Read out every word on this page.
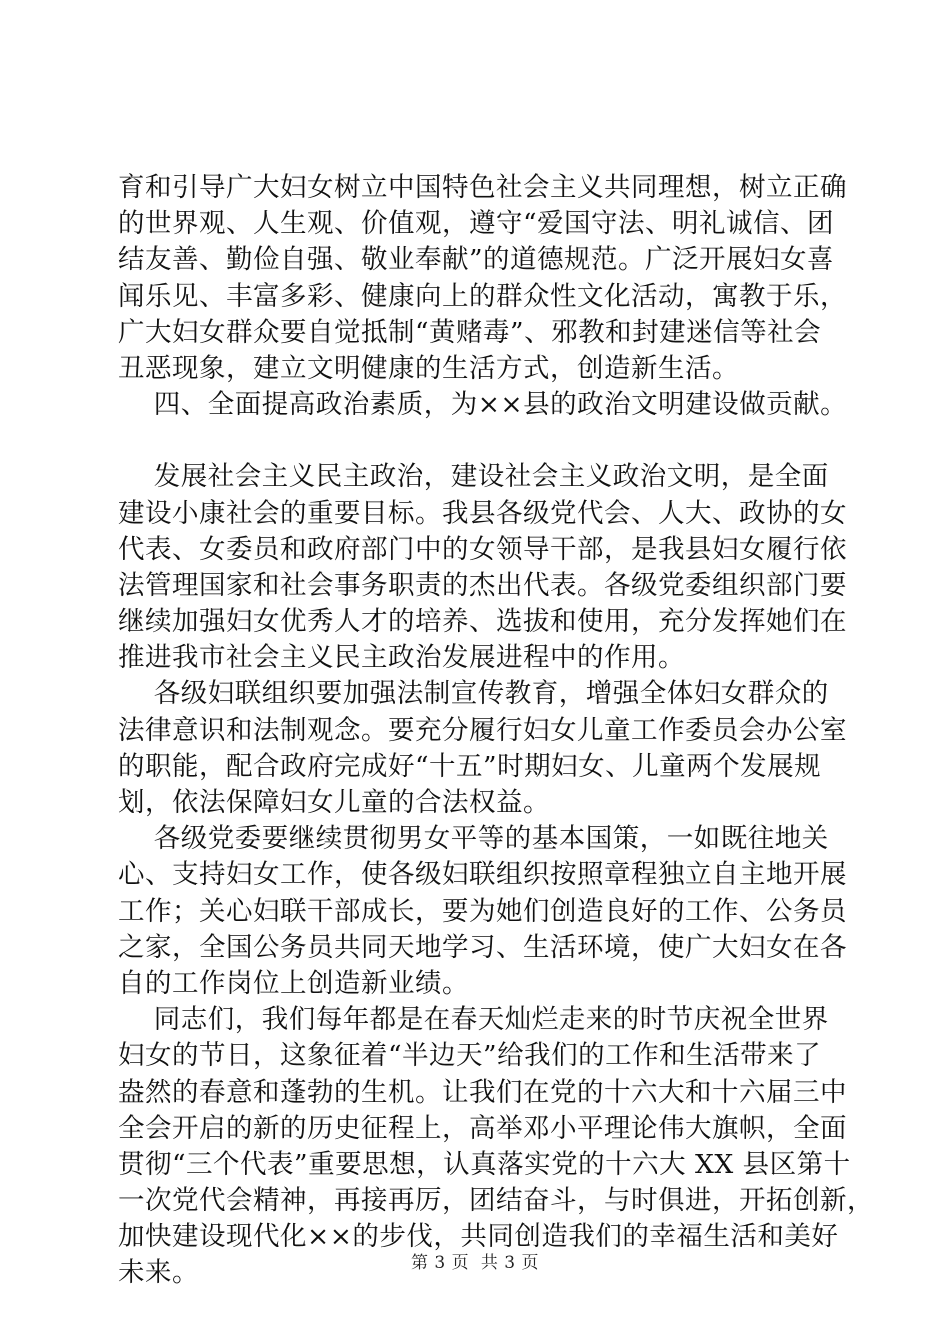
育和引导广大妇女树立中国特色社会主义共同理想，树立正确
的世界观、人生观、价值观，遵守“爱国守法、明礼诚信、团
结友善、勤俭自强、敬业奉献”的道德规范。广泛开展妇女喜
闻乐见、丰富多彩、健康向上的群众性文化活动，寓教于乐，
广大妇女群众要自觉抵制“黄赌毒”、邪教和封建迷信等社会
丑恶现象，建立文明健康的生活方式，创造新生活。
四、全面提高政治素质，为××县的政治文明建设做贡献。
发展社会主义民主政治，建设社会主义政治文明，是全面
建设小康社会的重要目标。我县各级党代会、人大、政协的女
代表、女委员和政府部门中的女领导干部，是我县妇女履行依
法管理国家和社会事务职责的杰出代表。各级党委组织部门要
继续加强妇女优秀人才的培养、选拔和使用，充分发挥她们在
推进我市社会主义民主政治发展进程中的作用。
各级妇联组织要加强法制宣传教育，增强全体妇女群众的
法律意识和法制观念。要充分履行妇女儿童工作委员会办公室
的职能，配合政府完成好“十五”时期妇女、儿童两个发展规
划，依法保障妇女儿童的合法权益。
各级党委要继续贯彻男女平等的基本国策，一如既往地关
心、支持妇女工作，使各级妇联组织按照章程独立自主地开展
工作；关心妇联干部成长，要为她们创造良好的工作、公务员
之家，全国公务员共同天地学习、生活环境，使广大妇女在各
自的工作岗位上创造新业绩。
同志们，我们每年都是在春天灿烂走来的时节庆祝全世界
妇女的节日，这象征着“半边天”给我们的工作和生活带来了
盎然的春意和蓬勃的生机。让我们在党的十六大和十六届三中
全会开启的新的历史征程上，高举邓小平理论伟大旗帜，全面
贯彻“三个代表”重要思想，认真落实党的十六大 XX 县区第十
一次党代会精神，再接再厉，团结奋斗，与时俱进，开拓创新，
加快建设现代化××的步伐，共同创造我们的幸福生活和美好
未来。	第 3 页  共 3 页
